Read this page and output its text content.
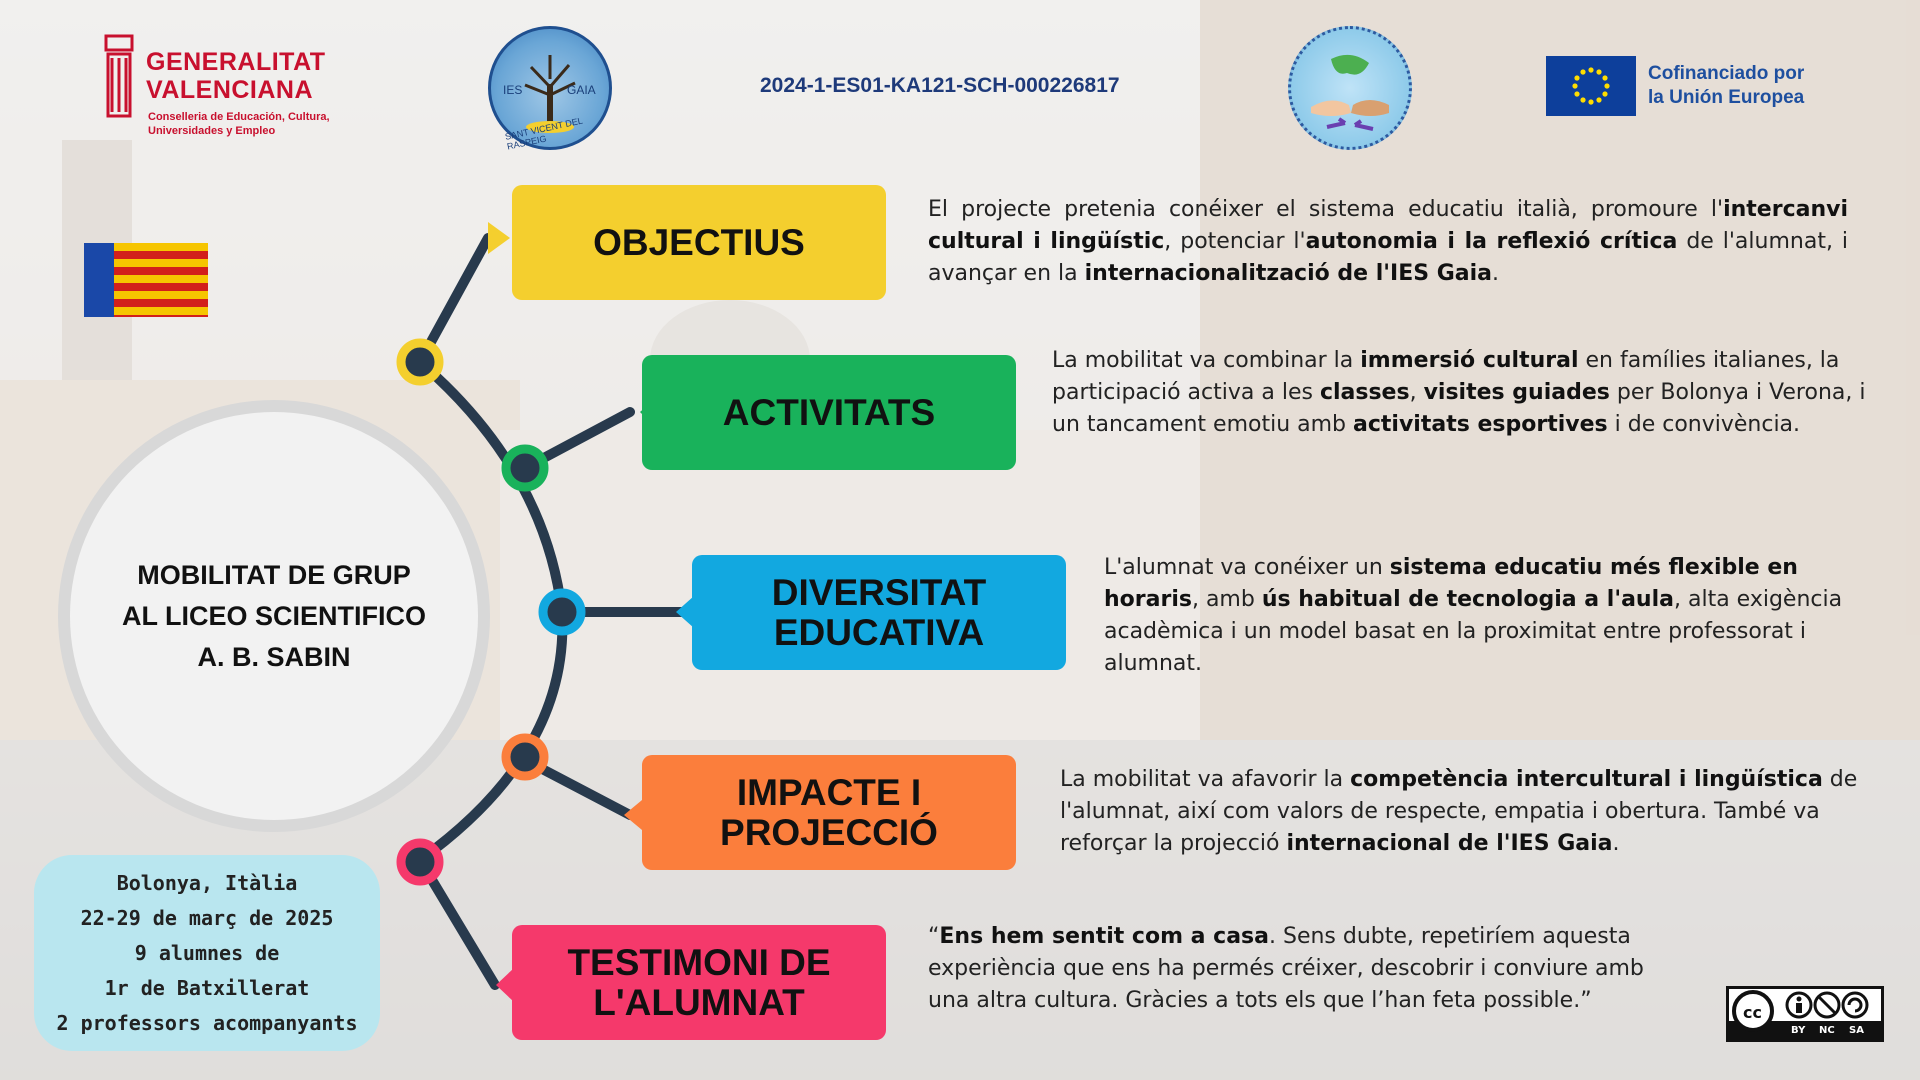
GENERALITAT
VALENCIANA
Conselleria de Educación, Cultura,
Universidades y Empleo
IES	GAIA
SANT VICENT DEL RASPEIG
2024-1-ES01-KA121-SCH-000226817
Cofinanciado por
la Unión Europea
MOBILITAT DE GRUP
AL LICEO SCIENTIFICO
A. B. SABIN
Bolonya, Itàlia
22-29 de març de 2025
9 alumnes de
1r de Batxillerat
2 professors acompanyants
OBJECTIUS
ACTIVITATS
DIVERSITAT
EDUCATIVA
IMPACTE I
PROJECCIÓ
TESTIMONI DE
L'ALUMNAT
El projecte pretenia conéixer el sistema educatiu italià, promoure l'intercanvi cultural i lingüístic, potenciar l'autonomia i la reflexió crítica de l'alumnat, i avançar en la internacionalització de l'IES Gaia.
La mobilitat va combinar la immersió cultural en famílies italianes, la participació activa a les classes, visites guiades per Bolonya i Verona, i un tancament emotiu amb activitats esportives i de convivència.
L'alumnat va conéixer un sistema educatiu més flexible en horaris, amb ús habitual de tecnologia a l'aula, alta exigència acadèmica i un model basat en la proximitat entre professorat i alumnat.
La mobilitat va afavorir la competència intercultural i lingüística de l'alumnat, així com valors de respecte, empatia i obertura. També va reforçar la projecció internacional de l'IES Gaia.
“Ens hem sentit com a casa. Sens dubte, repetiríem aquesta experiència que ens ha permés créixer, descobrir i conviure amb una altra cultura. Gràcies a tots els que l’han feta possible.”	cc
BY NC SA
